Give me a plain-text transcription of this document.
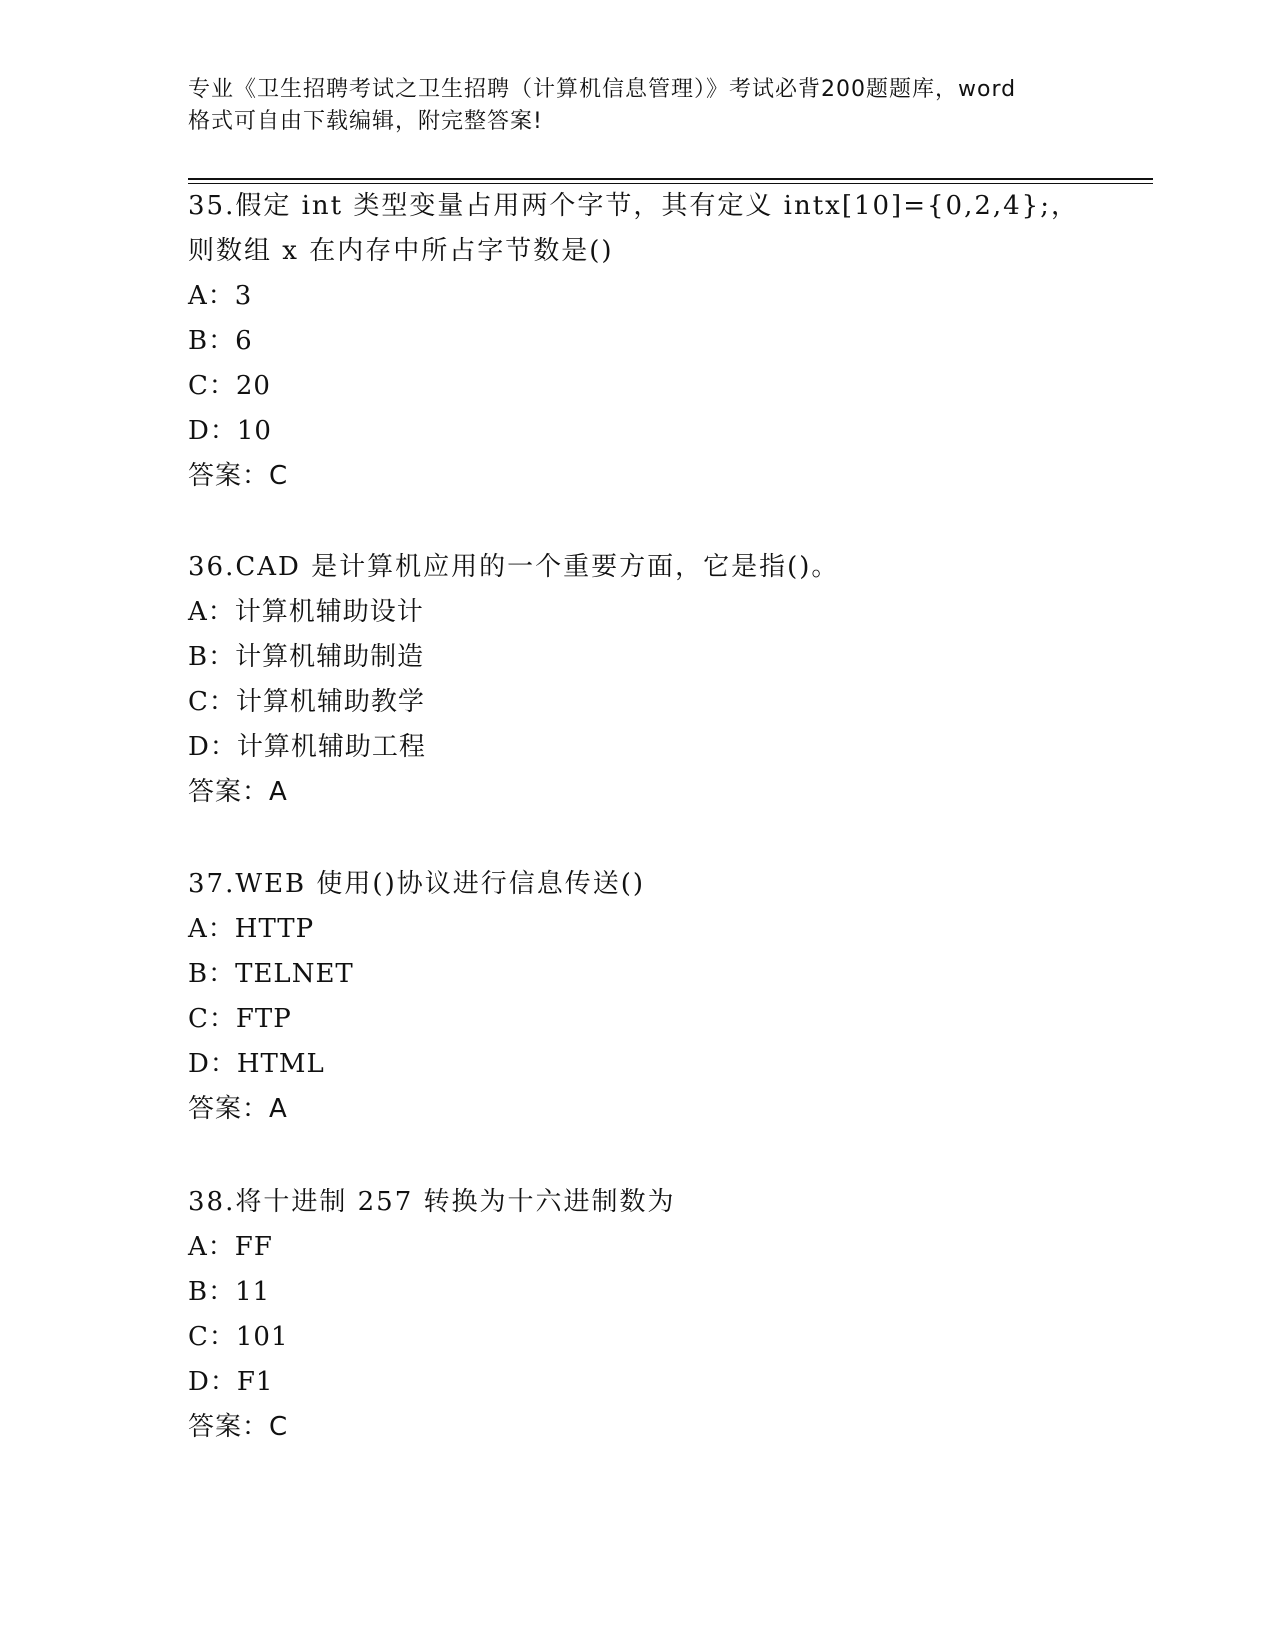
专业《卫生招聘考试之卫生招聘（计算机信息管理）》考试必背200题题库，word
格式可自由下载编辑，附完整答案!
35.假定 int 类型变量占用两个字节，其有定义 intx[10]={0,2,4};，
则数组 x 在内存中所占字节数是()
A：3
B：6
C：20
D：10
答案：C
36.CAD 是计算机应用的一个重要方面，它是指()。
A：计算机辅助设计
B：计算机辅助制造
C：计算机辅助教学
D：计算机辅助工程
答案：A
37.WEB 使用()协议进行信息传送()
A：HTTP
B：TELNET
C：FTP
D：HTML
答案：A
38.将十进制 257 转换为十六进制数为
A：FF
B：11
C：101
D：F1
答案：C
